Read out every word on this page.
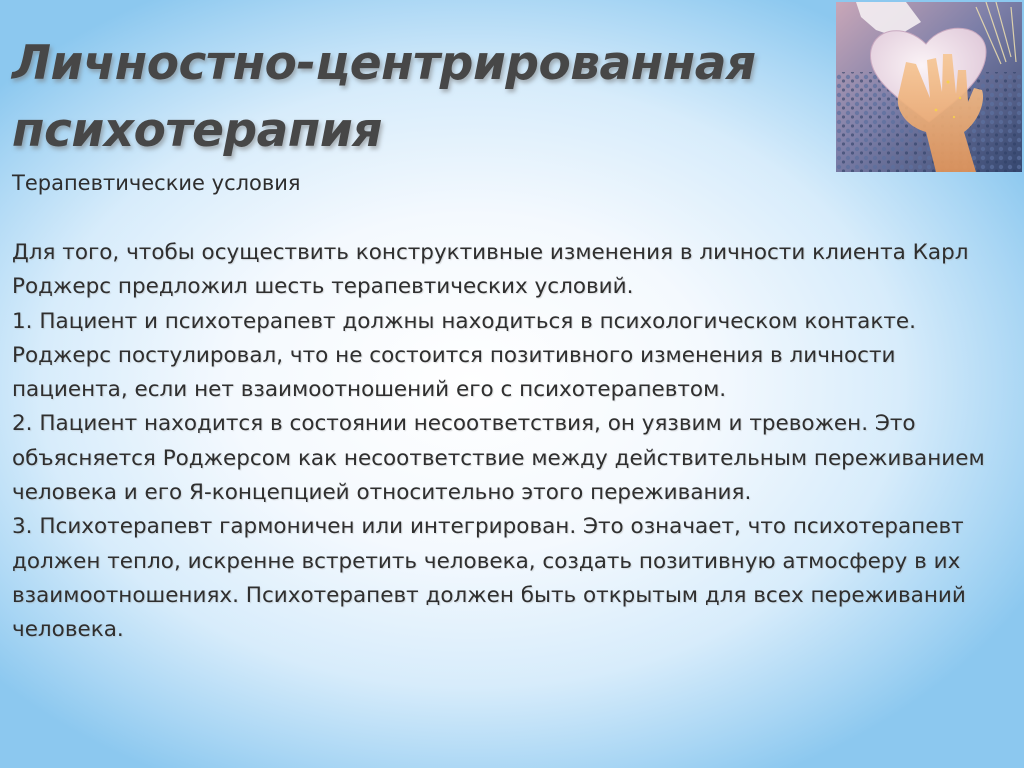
Личностно-центрированная
психотерапия
Терапевтические условия

Для того, чтобы осуществить конструктивные изменения в личности клиента Карл Роджерс предложил шесть терапевтических условий.

1. Пациент и психотерапевт должны находиться в психологическом контакте. Роджерс постулировал, что не состоится позитивного изменения в личности пациента, если нет взаимоотношений его с психотерапевтом.

2. Пациент находится в состоянии несоответствия, он уязвим и тревожен. Это объясняется Роджерсом как несоответствие между действительным переживанием человека и его Я-концепцией относительно этого переживания.

3. Психотерапевт гармоничен или интегрирован. Это означает, что психотерапевт должен тепло, искренне встретить человека, создать позитивную атмосферу в их взаимоотношениях. Психотерапевт должен быть открытым для всех переживаний человека.
